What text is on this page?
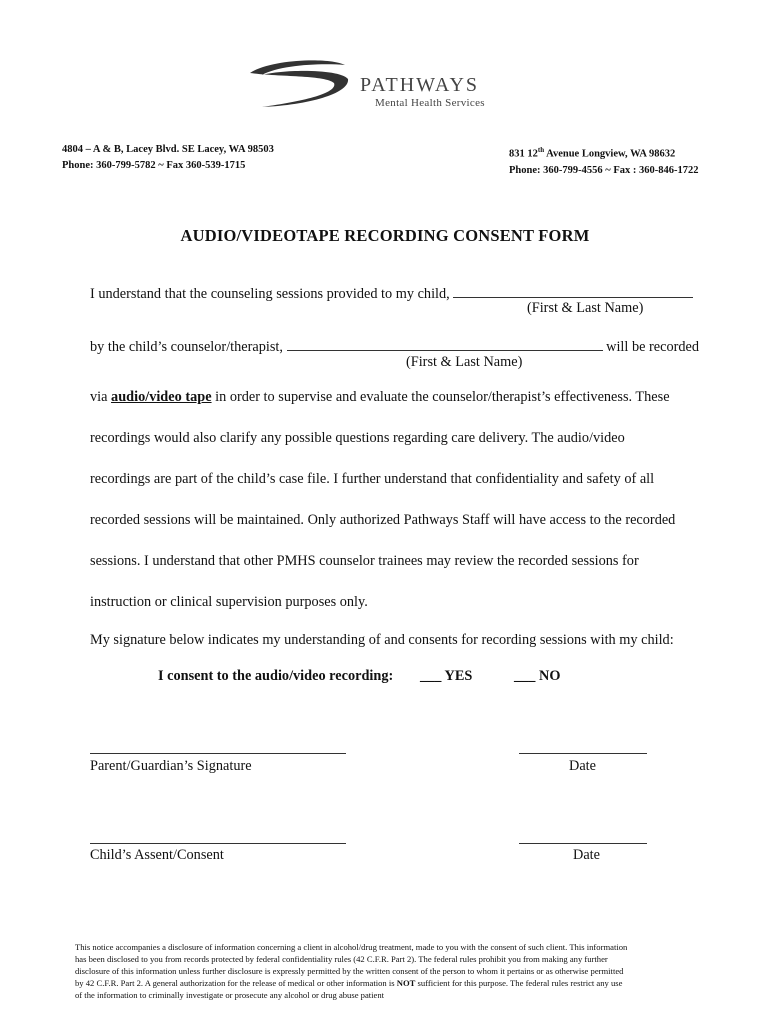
PATHWAYS
Mental Health Services
4804 – A & B, Lacey Blvd. SE Lacey, WA 98503
Phone: 360-799-5782 ~ Fax 360-539-1715
831 12th Avenue Longview, WA 98632
Phone: 360-799-4556 ~ Fax : 360-846-1722
AUDIO/VIDEOTAPE RECORDING CONSENT FORM
I understand that the counseling sessions provided to my child,
(First & Last Name)
by the child’s counselor/therapist,	will be recorded
(First & Last Name)
via audio/video tape in order to supervise and evaluate the counselor/therapist’s effectiveness. These
recordings would also clarify any possible questions regarding care delivery. The audio/video
recordings are part of the child’s case file. I further understand that confidentiality and safety of all
recorded sessions will be maintained. Only authorized Pathways Staff will have access to the recorded
sessions. I understand that other PMHS counselor trainees may review the recorded sessions for
instruction or clinical supervision purposes only.
My signature below indicates my understanding of and consents for recording sessions with my child:
I consent to the audio/video recording: ___ YES	___ NO
Parent/Guardian’s Signature	Date
Child’s Assent/Consent	Date
This notice accompanies a disclosure of information concerning a client in alcohol/drug treatment, made to you with the consent of such client. This information
has been disclosed to you from records protected by federal confidentiality rules (42 C.F.R. Part 2). The federal rules prohibit you from making any further
disclosure of this information unless further disclosure is expressly permitted by the written consent of the person to whom it pertains or as otherwise permitted
by 42 C.F.R. Part 2. A general authorization for the release of medical or other information is NOT sufficient for this purpose. The federal rules restrict any use
of the information to criminally investigate or prosecute any alcohol or drug abuse patient
